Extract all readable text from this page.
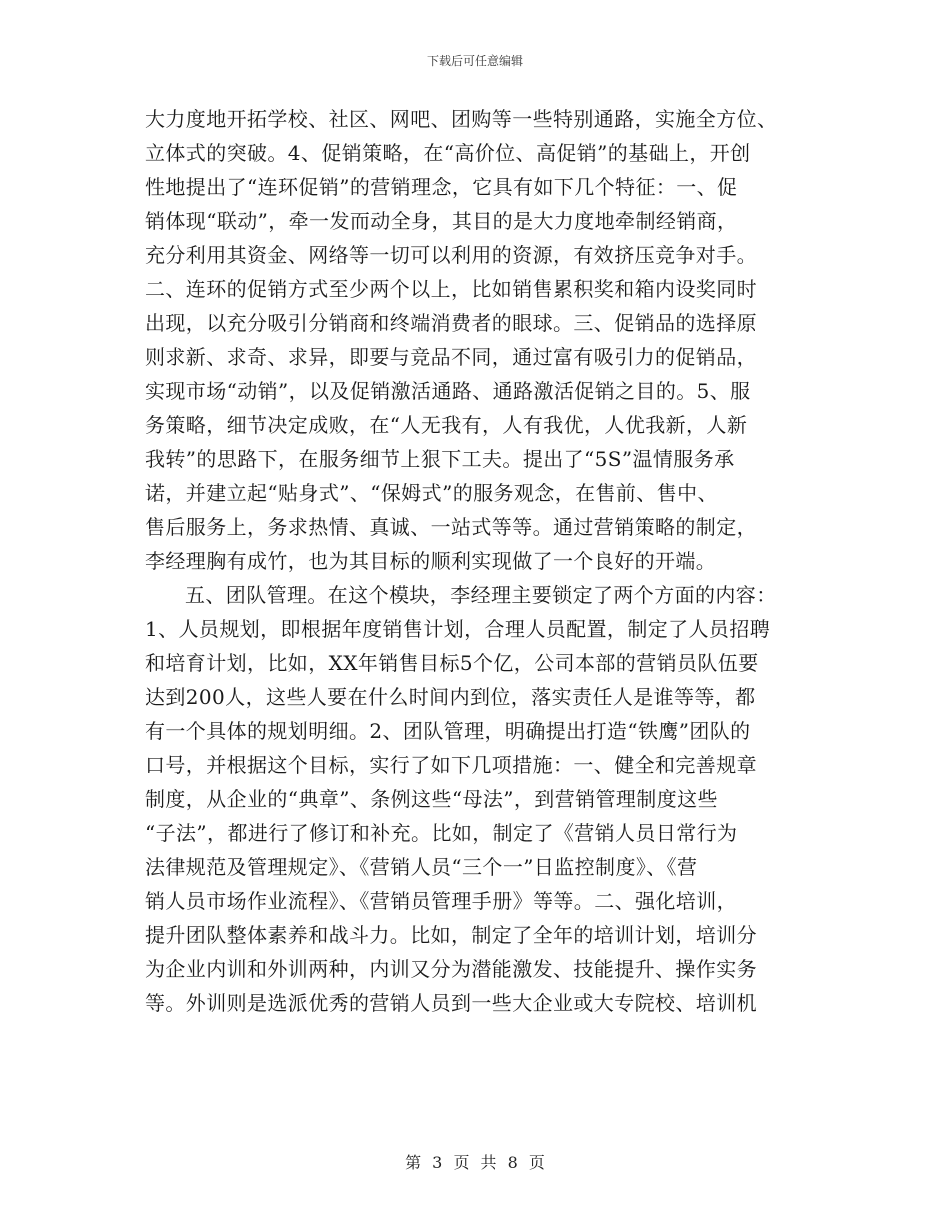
下载后可任意编辑
大力度地开拓学校、社区、网吧、团购等一些特别通路，实施全方位、
立体式的突破。4、促销策略，在“高价位、高促销”的基础上，开创
性地提出了“连环促销”的营销理念，它具有如下几个特征：一、促
销体现“联动”，牵一发而动全身，其目的是大力度地牵制经销商，
充分利用其资金、网络等一切可以利用的资源，有效挤压竞争对手。
二、连环的促销方式至少两个以上，比如销售累积奖和箱内设奖同时
出现，以充分吸引分销商和终端消费者的眼球。三、促销品的选择原
则求新、求奇、求异，即要与竞品不同，通过富有吸引力的促销品，
实现市场“动销”，以及促销激活通路、通路激活促销之目的。5、服
务策略，细节决定成败，在“人无我有，人有我优，人优我新，人新
我转”的思路下，在服务细节上狠下工夫。提出了“5S”温情服务承
诺，并建立起“贴身式”、“保姆式”的服务观念，在售前、售中、
售后服务上，务求热情、真诚、一站式等等。通过营销策略的制定，
李经理胸有成竹，也为其目标的顺利实现做了一个良好的开端。
五、团队管理。在这个模块，李经理主要锁定了两个方面的内容：
1、人员规划，即根据年度销售计划，合理人员配置，制定了人员招聘
和培育计划，比如，XX年销售目标5个亿，公司本部的营销员队伍要
达到200人，这些人要在什么时间内到位，落实责任人是谁等等，都
有一个具体的规划明细。2、团队管理，明确提出打造“铁鹰”团队的
口号，并根据这个目标，实行了如下几项措施：一、健全和完善规章
制度，从企业的“典章”、条例这些“母法”，到营销管理制度这些
“子法”，都进行了修订和补充。比如，制定了《营销人员日常行为
法律规范及管理规定》、《营销人员“三个一”日监控制度》、《营
销人员市场作业流程》、《营销员管理手册》等等。二、强化培训，
提升团队整体素养和战斗力。比如，制定了全年的培训计划，培训分
为企业内训和外训两种，内训又分为潜能激发、技能提升、操作实务
等。外训则是选派优秀的营销人员到一些大企业或大专院校、培训机
第 3 页 共 8 页
